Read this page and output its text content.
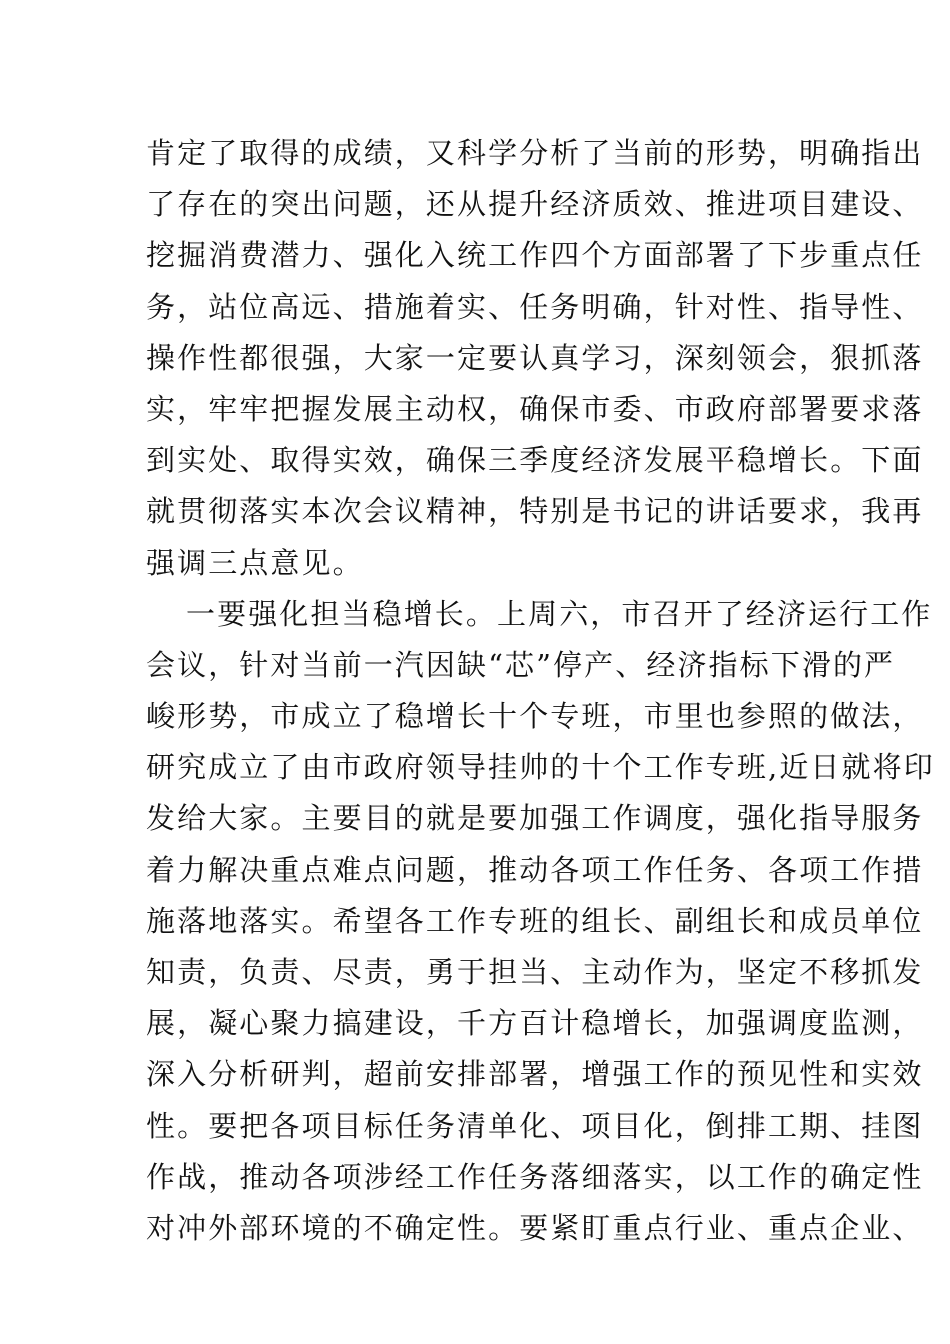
肯定了取得的成绩，又科学分析了当前的形势，明确指出
了存在的突出问题，还从提升经济质效、推进项目建设、
挖掘消费潜力、强化入统工作四个方面部署了下步重点任
务，站位高远、措施着实、任务明确，针对性、指导性、
操作性都很强，大家一定要认真学习，深刻领会，狠抓落
实，牢牢把握发展主动权，确保市委、市政府部署要求落
到实处、取得实效，确保三季度经济发展平稳增长。下面
就贯彻落实本次会议精神，特别是书记的讲话要求，我再
强调三点意见。
一要强化担当稳增长。上周六，市召开了经济运行工作
会议，针对当前一汽因缺“芯”停产、经济指标下滑的严
峻形势，市成立了稳增长十个专班，市里也参照的做法，
研究成立了由市政府领导挂帅的十个工作专班,近日就将印
发给大家。主要目的就是要加强工作调度，强化指导服务
着力解决重点难点问题，推动各项工作任务、各项工作措
施落地落实。希望各工作专班的组长、副组长和成员单位
知责，负责、尽责，勇于担当、主动作为，坚定不移抓发
展，凝心聚力搞建设，千方百计稳增长，加强调度监测，
深入分析研判，超前安排部署，增强工作的预见性和实效
性。要把各项目标任务清单化、项目化，倒排工期、挂图
作战，推动各项涉经工作任务落细落实，以工作的确定性
对冲外部环境的不确定性。要紧盯重点行业、重点企业、
